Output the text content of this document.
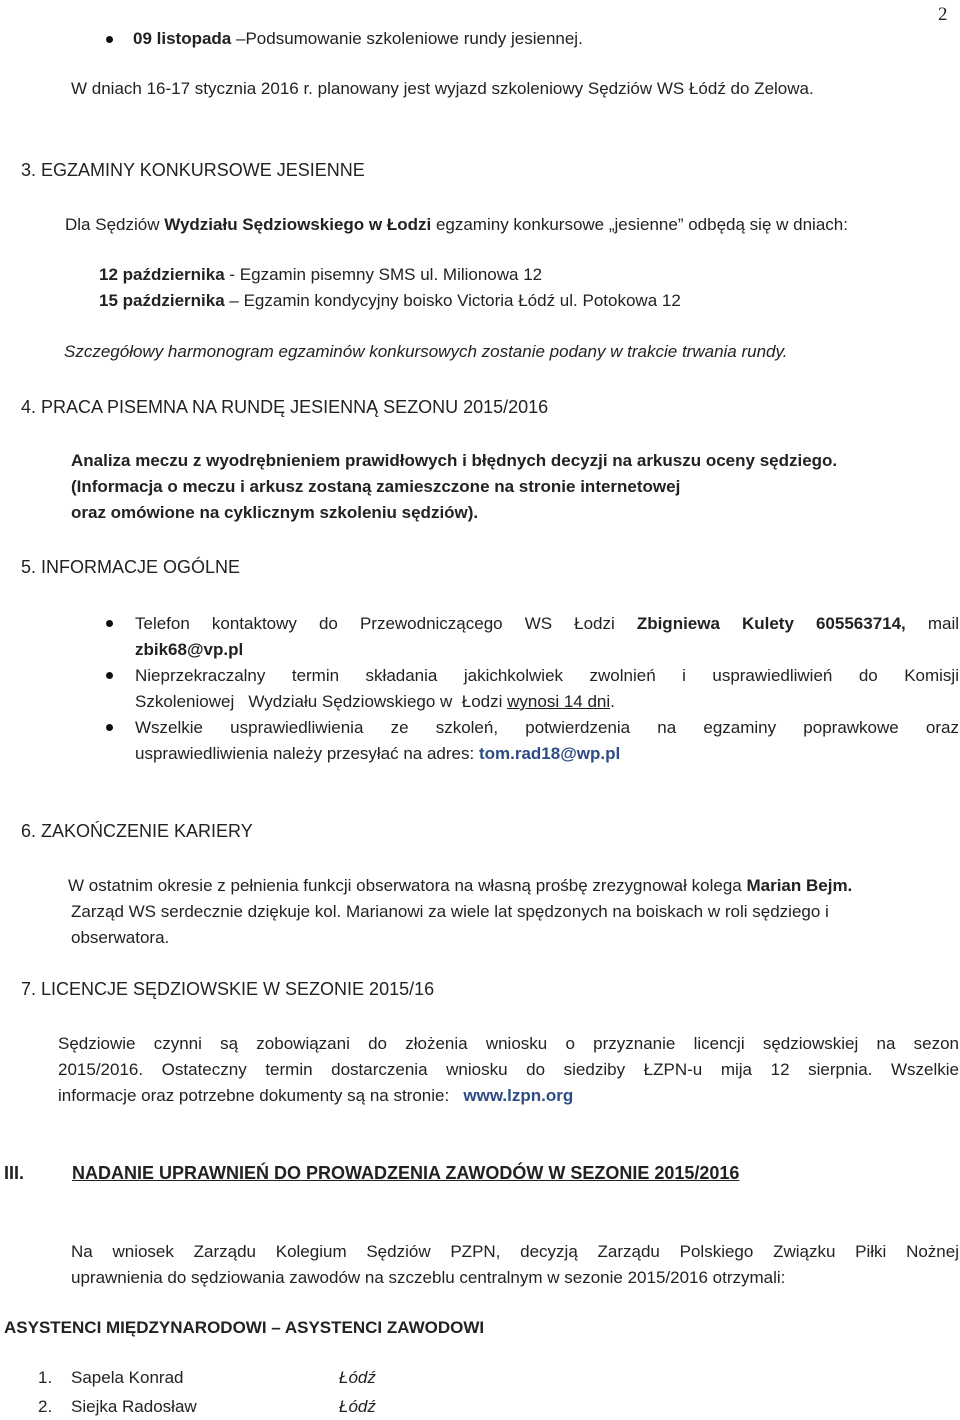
2
09 listopada –Podsumowanie szkoleniowe rundy jesiennej.
W dniach 16-17 stycznia 2016 r. planowany jest wyjazd szkoleniowy Sędziów WS Łódź do Zelowa.
3. EGZAMINY KONKURSOWE JESIENNE
Dla Sędziów Wydziału Sędziowskiego w Łodzi egzaminy konkursowe „jesienne” odbędą się w dniach:
12 października - Egzamin pisemny SMS ul. Milionowa 12
15 października – Egzamin kondycyjny boisko Victoria Łódź ul. Potokowa 12
Szczegółowy harmonogram egzaminów konkursowych zostanie podany w trakcie trwania rundy.
4. PRACA PISEMNA NA RUNDĘ JESIENNĄ SEZONU 2015/2016
Analiza meczu z wyodrębnieniem prawidłowych i błędnych decyzji na arkuszu oceny sędziego.
(Informacja o meczu i arkusz zostaną zamieszczone na stronie internetowej
oraz omówione na cyklicznym szkoleniu sędziów).
5. INFORMACJE OGÓLNE
Telefon kontaktowy do Przewodniczącego WS Łodzi Zbigniewa Kulety 605563714, mail
zbik68@vp.pl
Nieprzekraczalny termin składania jakichkolwiek zwolnień i usprawiedliwień do Komisji
Szkoleniowej   Wydziału Sędziowskiego w  Łodzi wynosi 14 dni.
Wszelkie usprawiedliwienia ze szkoleń, potwierdzenia na egzaminy poprawkowe oraz
usprawiedliwienia należy przesyłać na adres: tom.rad18@wp.pl
6. ZAKOŃCZENIE KARIERY
W ostatnim okresie z pełnienia funkcji obserwatora na własną prośbę zrezygnował kolega Marian Bejm.
Zarząd WS serdecznie dziękuje kol. Marianowi za wiele lat spędzonych na boiskach w roli sędziego i
obserwatora.
7. LICENCJE SĘDZIOWSKIE W SEZONIE 2015/16
Sędziowie czynni są zobowiązani do złożenia wniosku o przyznanie licencji sędziowskiej na sezon
2015/2016. Ostateczny termin dostarczenia wniosku do siedziby ŁZPN-u mija 12 sierpnia. Wszelkie
informacje oraz potrzebne dokumenty są na stronie:   www.lzpn.org
III.	NADANIE UPRAWNIEŃ DO PROWADZENIA ZAWODÓW W SEZONIE 2015/2016
Na wniosek Zarządu Kolegium Sędziów PZPN, decyzją Zarządu Polskiego Związku Piłki Nożnej
uprawnienia do sędziowania zawodów na szczeblu centralnym w sezonie 2015/2016 otrzymali:
ASYSTENCI MIĘDZYNARODOWI – ASYSTENCI ZAWODOWI
1. Sapela Konrad	Łódź
2. Siejka Radosław	Łódź
